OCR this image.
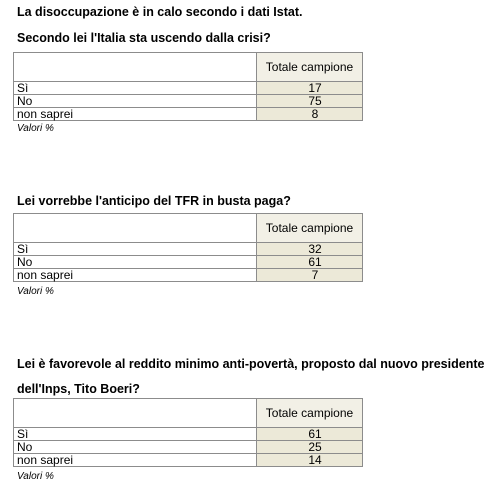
La disoccupazione è in calo secondo i dati Istat.
Secondo lei l'Italia sta uscendo dalla crisi?
	Totale campione
Sì	17
No	75
non saprei	8
Valori %
Lei vorrebbe l'anticipo del TFR in busta paga?
	Totale campione
Sì	32
No	61
non saprei	7
Valori %
Lei è favorevole al reddito minimo anti-povertà, proposto dal nuovo presidente dell'Inps, Tito Boeri?
	Totale campione
Sì	61
No	25
non saprei	14
Valori %
